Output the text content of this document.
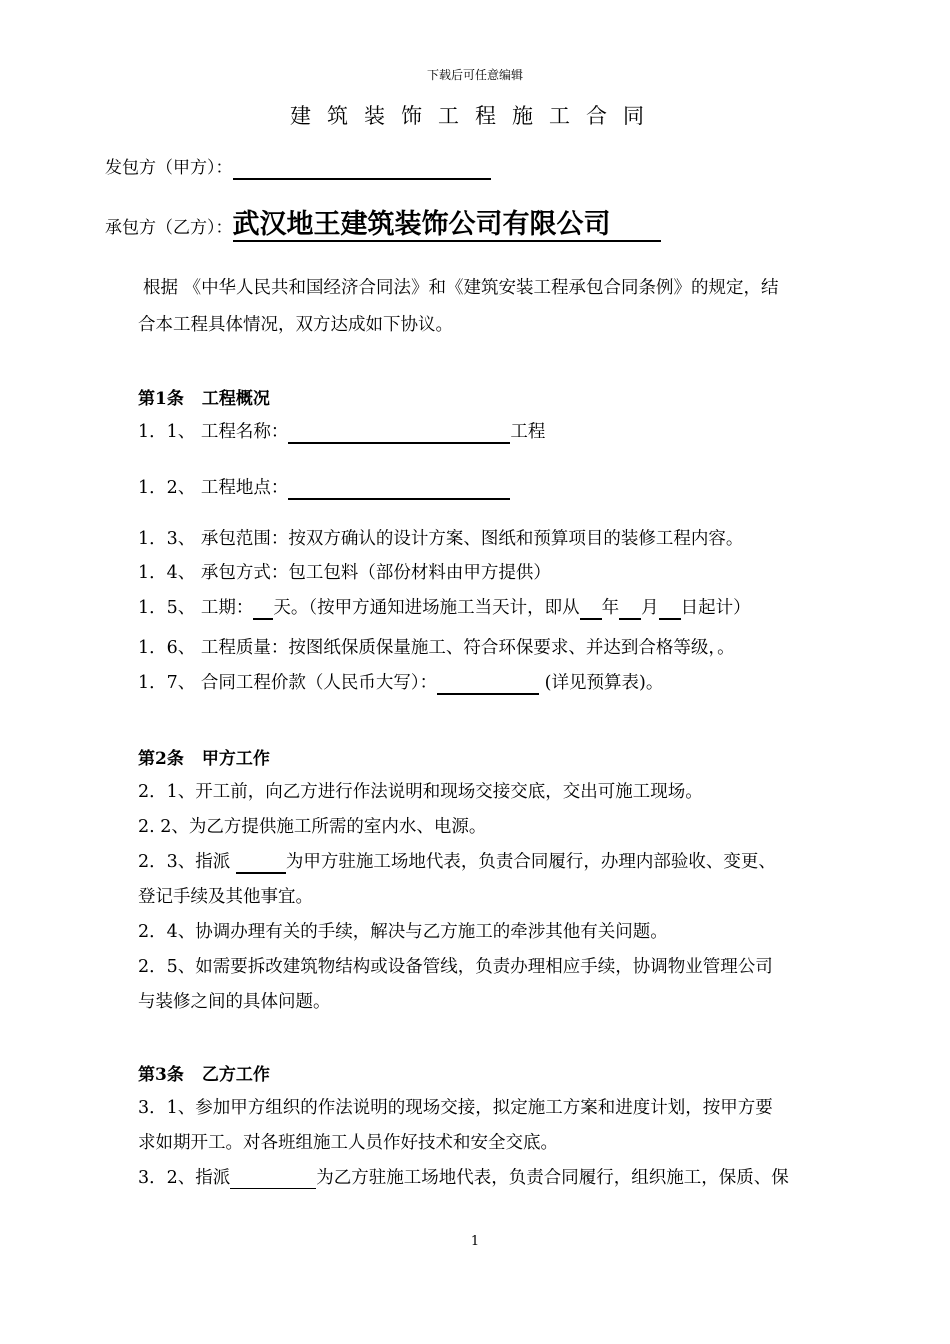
下载后可任意编辑
建筑装饰工程施工合同
发包方（甲方）：
承包方（乙方）：武汉地王建筑装饰公司有限公司
根据 《中华人民共和国经济合同法》和《建筑安装工程承包合同条例》的规定，结
合本工程具体情况，双方达成如下协议。
第1条 工程概况
1．1、 工程名称：	工程
1．2、 工程地点：
1．3、 承包范围：按双方确认的设计方案、图纸和预算项目的装修工程内容。
1．4、 承包方式：包工包料（部份材料由甲方提供）
1．5、 工期： 天。（按甲方通知进场施工当天计，即从 年 月 日起计）
1．6、 工程质量：按图纸保质保量施工、符合环保要求、并达到合格等级，。
1．7、 合同工程价款（人民币大写）：	(详见预算表)。
第2条 甲方工作
2．1、开工前，向乙方进行作法说明和现场交接交底，交出可施工现场。
2. 2、为乙方提供施工所需的室内水、电源。
2．3、指派	为甲方驻施工场地代表，负责合同履行，办理内部验收、变更、
登记手续及其他事宜。
2．4、协调办理有关的手续，解决与乙方施工的牵涉其他有关问题。
2．5、如需要拆改建筑物结构或设备管线，负责办理相应手续，协调物业管理公司
与装修之间的具体问题。
第3条 乙方工作
3．1、参加甲方组织的作法说明的现场交接，拟定施工方案和进度计划，按甲方要
求如期开工。对各班组施工人员作好技术和安全交底。
3．2、指派	为乙方驻施工场地代表，负责合同履行，组织施工，保质、保
1
